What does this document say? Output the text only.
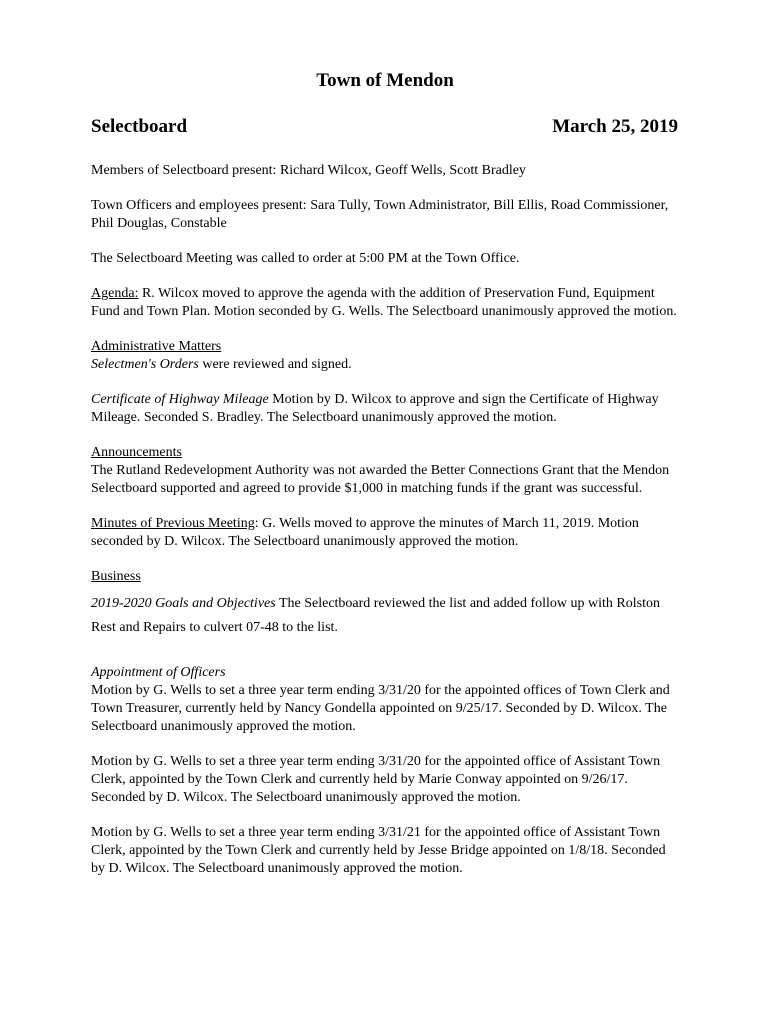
Town of Mendon
Selectboard	March 25, 2019

Members of Selectboard present: Richard Wilcox, Geoff Wells, Scott Bradley

Town Officers and employees present: Sara Tully, Town Administrator, Bill Ellis, Road Commissioner, Phil Douglas, Constable

The Selectboard Meeting was called to order at 5:00 PM at the Town Office.

Agenda: R. Wilcox moved to approve the agenda with the addition of Preservation Fund, Equipment Fund and Town Plan. Motion seconded by G. Wells. The Selectboard unanimously approved the motion.

Administrative Matters
Selectmen's Orders were reviewed and signed.

Certificate of Highway Mileage Motion by D. Wilcox to approve and sign the Certificate of Highway Mileage. Seconded S. Bradley. The Selectboard unanimously approved the motion.

Announcements
The Rutland Redevelopment Authority was not awarded the Better Connections Grant that the Mendon Selectboard supported and agreed to provide $1,000 in matching funds if the grant was successful.

Minutes of Previous Meeting: G. Wells moved to approve the minutes of March 11, 2019. Motion seconded by D. Wilcox. The Selectboard unanimously approved the motion.

Business

2019-2020 Goals and Objectives The Selectboard reviewed the list and added follow up with Rolston Rest and Repairs to culvert 07-48 to the list.

Appointment of Officers
Motion by G. Wells to set a three year term ending 3/31/20 for the appointed offices of Town Clerk and Town Treasurer, currently held by Nancy Gondella appointed on 9/25/17. Seconded by D. Wilcox. The Selectboard unanimously approved the motion.

Motion by G. Wells to set a three year term ending 3/31/20 for the appointed office of Assistant Town Clerk, appointed by the Town Clerk and currently held by Marie Conway appointed on 9/26/17. Seconded by D. Wilcox. The Selectboard unanimously approved the motion.

Motion by G. Wells to set a three year term ending 3/31/21 for the appointed office of Assistant Town Clerk, appointed by the Town Clerk and currently held by Jesse Bridge appointed on 1/8/18. Seconded by D. Wilcox. The Selectboard unanimously approved the motion.
